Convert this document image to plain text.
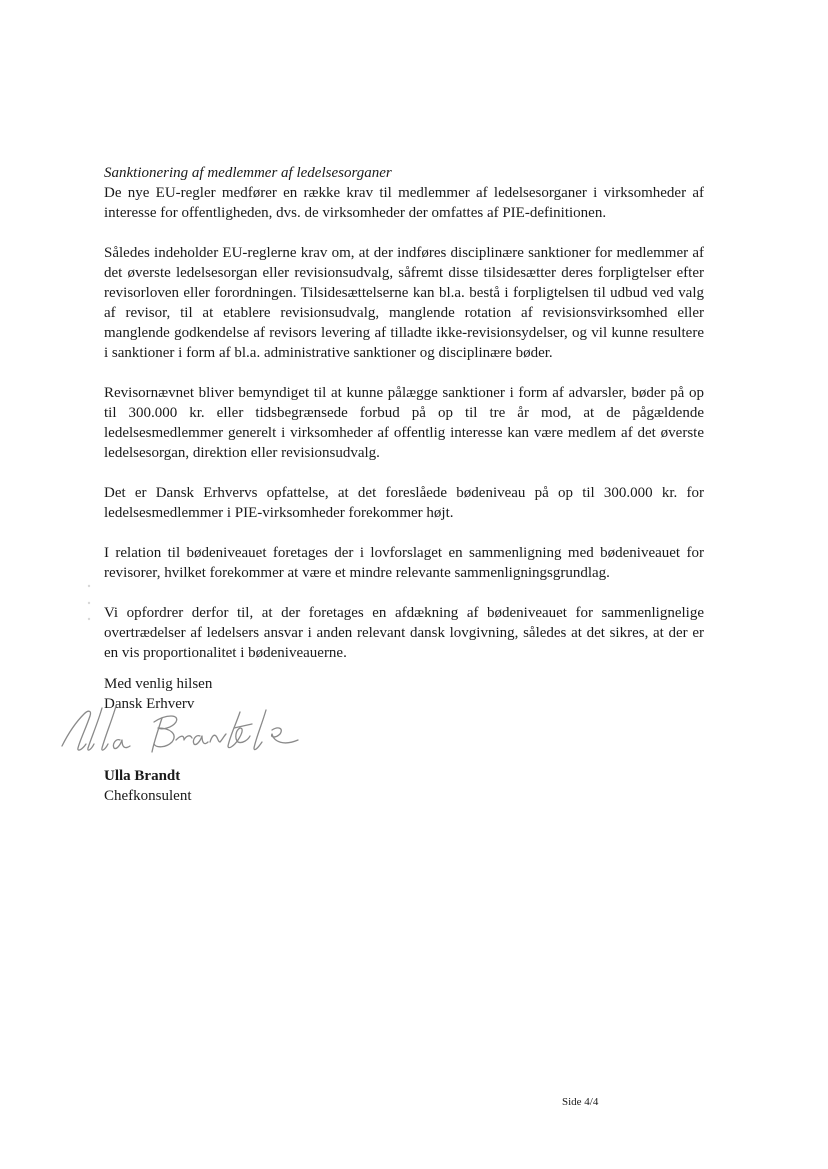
Sanktionering af medlemmer af ledelsesorganer

De nye EU-regler medfører en række krav til medlemmer af ledelsesorganer i virksomheder af interesse for offentligheden, dvs. de virksomheder der omfattes af PIE-definitionen.

Således indeholder EU-reglerne krav om, at der indføres disciplinære sanktioner for medlemmer af det øverste ledelsesorgan eller revisionsudvalg, såfremt disse tilsidesætter deres forpligtelser efter revisorloven eller forordningen. Tilsidesættelserne kan bl.a. bestå i forpligtelsen til udbud ved valg af revisor, til at etablere revisionsudvalg, manglende rotation af revisionsvirksomhed eller manglende godkendelse af revisors levering af tilladte ikke-revisionsydelser, og vil kunne resultere i sanktioner i form af bl.a. administrative sanktioner og disciplinære bøder.

Revisornævnet bliver bemyndiget til at kunne pålægge sanktioner i form af advarsler, bøder på op til 300.000 kr. eller tidsbegrænsede forbud på op til tre år mod, at de pågældende ledelsesmedlemmer generelt i virksomheder af offentlig interesse kan være medlem af det øverste ledelsesorgan, direktion eller revisionsudvalg.

Det er Dansk Erhvervs opfattelse, at det foreslåede bødeniveau på op til 300.000 kr. for ledelsesmedlemmer i PIE-virksomheder forekommer højt.

I relation til bødeniveauet foretages der i lovforslaget en sammenligning med bødeniveauet for revisorer, hvilket forekommer at være et mindre relevante sammenligningsgrundlag.

Vi opfordrer derfor til, at der foretages en afdækning af bødeniveauet for sammenlignelige overtrædelser af ledelsers ansvar i anden relevant dansk lovgivning, således at det sikres, at der er en vis proportionalitet i bødeniveauerne.

Med venlig hilsen
Dansk Erhverv
Ulla Brandt
Chefkonsulent
Side 4/4
